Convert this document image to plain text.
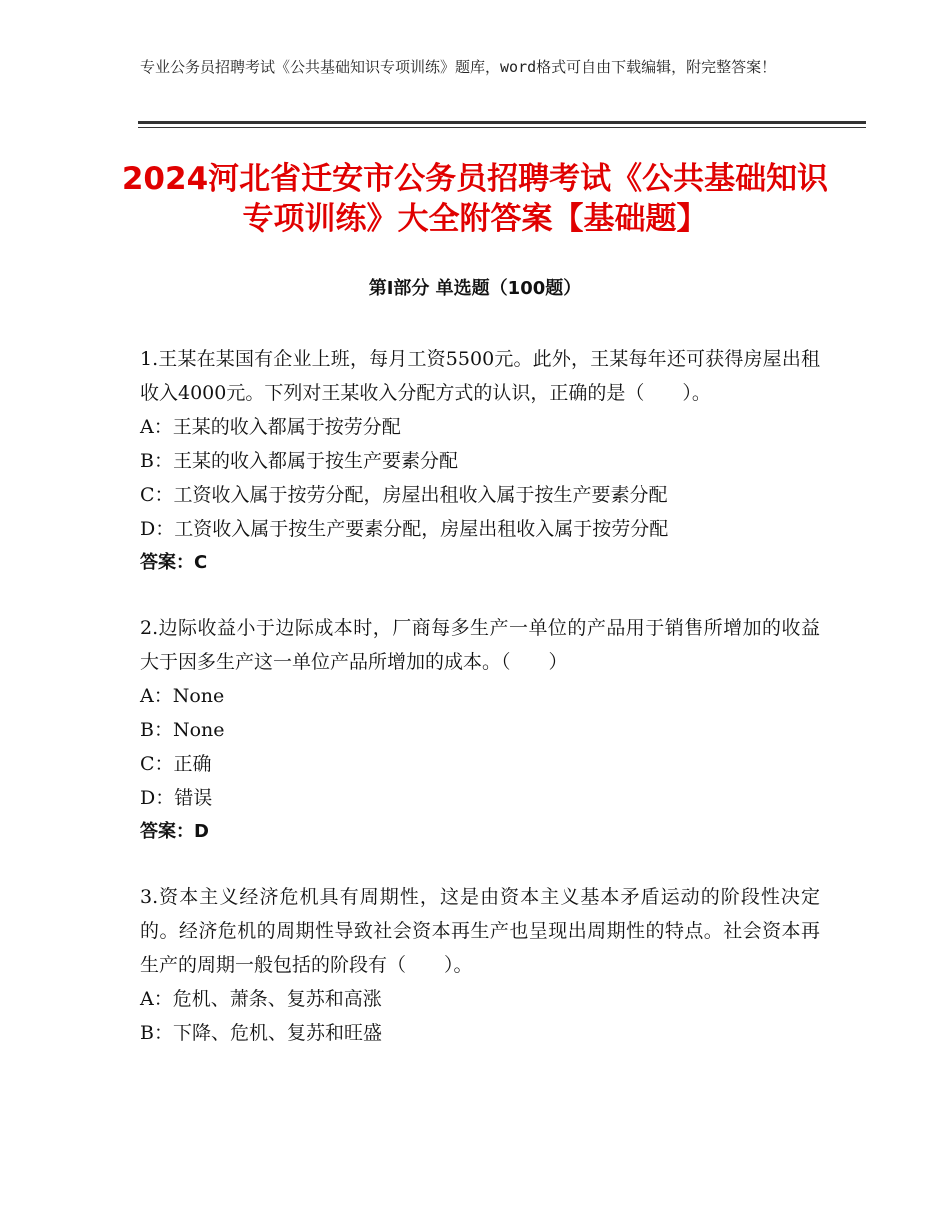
专业公务员招聘考试《公共基础知识专项训练》题库，word格式可自由下载编辑，附完整答案！
2024河北省迁安市公务员招聘考试《公共基础知识专项训练》大全附答案【基础题】
第Ⅰ部分 单选题（100题）
1.王某在某国有企业上班，每月工资5500元。此外，王某每年还可获得房屋出租收入4000元。下列对王某收入分配方式的认识，正确的是（　　）。
A：王某的收入都属于按劳分配
B：王某的收入都属于按生产要素分配
C：工资收入属于按劳分配，房屋出租收入属于按生产要素分配
D：工资收入属于按生产要素分配，房屋出租收入属于按劳分配
答案：C
2.边际收益小于边际成本时，厂商每多生产一单位的产品用于销售所增加的收益大于因多生产这一单位产品所增加的成本。（　　）
A：None
B：None
C：正确
D：错误
答案：D
3.资本主义经济危机具有周期性，这是由资本主义基本矛盾运动的阶段性决定的。经济危机的周期性导致社会资本再生产也呈现出周期性的特点。社会资本再生产的周期一般包括的阶段有（　　）。
A：危机、萧条、复苏和高涨
B：下降、危机、复苏和旺盛
